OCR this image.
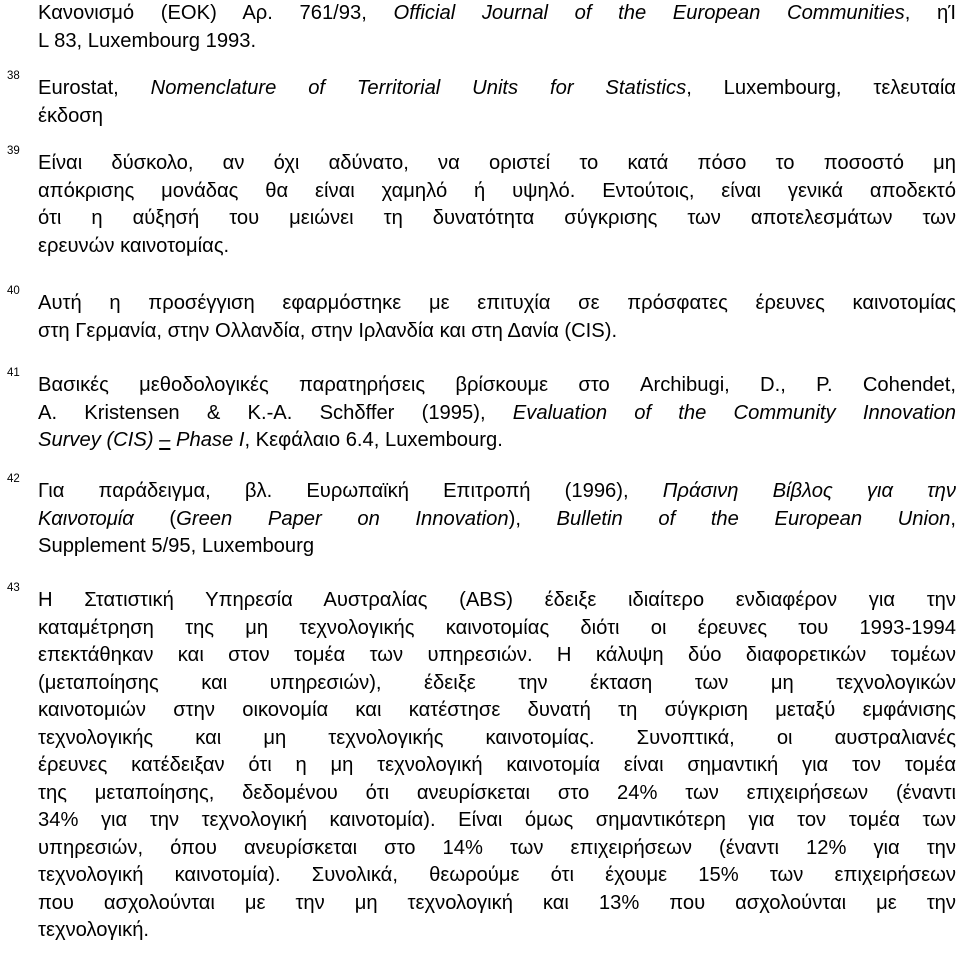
Κανονισμό (ΕΟΚ) Αρ. 761/93, Official Journal of the European Communities, ηΊ
L 83, Luxembourg 1993.
38
Eurostat, Nomenclature of Territorial Units for Statistics, Luxembourg, τελευταία
έκδοση
39
Είναι δύσκολο, αν όχι αδύνατο, να οριστεί το κατά πόσο το ποσοστό μη
απόκρισης μονάδας θα είναι χαμηλό ή υψηλό. Εντούτοις, είναι γενικά αποδεκτό
ότι η αύξησή του μειώνει τη δυνατότητα σύγκρισης των αποτελεσμάτων των
ερευνών καινοτομίας.
40
Αυτή η προσέγγιση εφαρμόστηκε με επιτυχία σε πρόσφατες έρευνες καινοτομίας
στη Γερμανία, στην Ολλανδία, στην Ιρλανδία και στη Δανία (CIS).
41
Βασικές μεθοδολογικές παρατηρήσεις βρίσκουμε στο Archibugi, D., P. Cohendet,
A. Kristensen & K.-A. Schδffer (1995), Evaluation of the Community Innovation
Survey (CIS) – Phase I, Κεφάλαιο 6.4, Luxembourg.
42
Για παράδειγμα, βλ. Ευρωπαϊκή Επιτροπή (1996), Πράσινη Βίβλος για την
Καινοτομία (Green Paper on Innovation), Bulletin of the European Union,
Supplement 5/95, Luxembourg
43
Η Στατιστική Υπηρεσία Αυστραλίας (ABS) έδειξε ιδιαίτερο ενδιαφέρον για την
καταμέτρηση της μη τεχνολογικής καινοτομίας διότι οι έρευνες του 1993-1994
επεκτάθηκαν και στον τομέα των υπηρεσιών. Η κάλυψη δύο διαφορετικών τομέων
(μεταποίησης και υπηρεσιών), έδειξε την έκταση των μη τεχνολογικών
καινοτομιών στην οικονομία και κατέστησε δυνατή τη σύγκριση μεταξύ εμφάνισης
τεχνολογικής και μη τεχνολογικής καινοτομίας. Συνοπτικά, οι αυστραλιανές
έρευνες κατέδειξαν ότι η μη τεχνολογική καινοτομία είναι σημαντική για τον τομέα
της μεταποίησης, δεδομένου ότι ανευρίσκεται στο 24% των επιχειρήσεων (έναντι
34% για την τεχνολογική καινοτομία). Είναι όμως σημαντικότερη για τον τομέα των
υπηρεσιών, όπου ανευρίσκεται στο 14% των επιχειρήσεων (έναντι 12% για την
τεχνολογική καινοτομία). Συνολικά, θεωρούμε ότι έχουμε 15% των επιχειρήσεων
που ασχολούνται με την μη τεχνολογική και 13% που ασχολούνται με την
τεχνολογική.
